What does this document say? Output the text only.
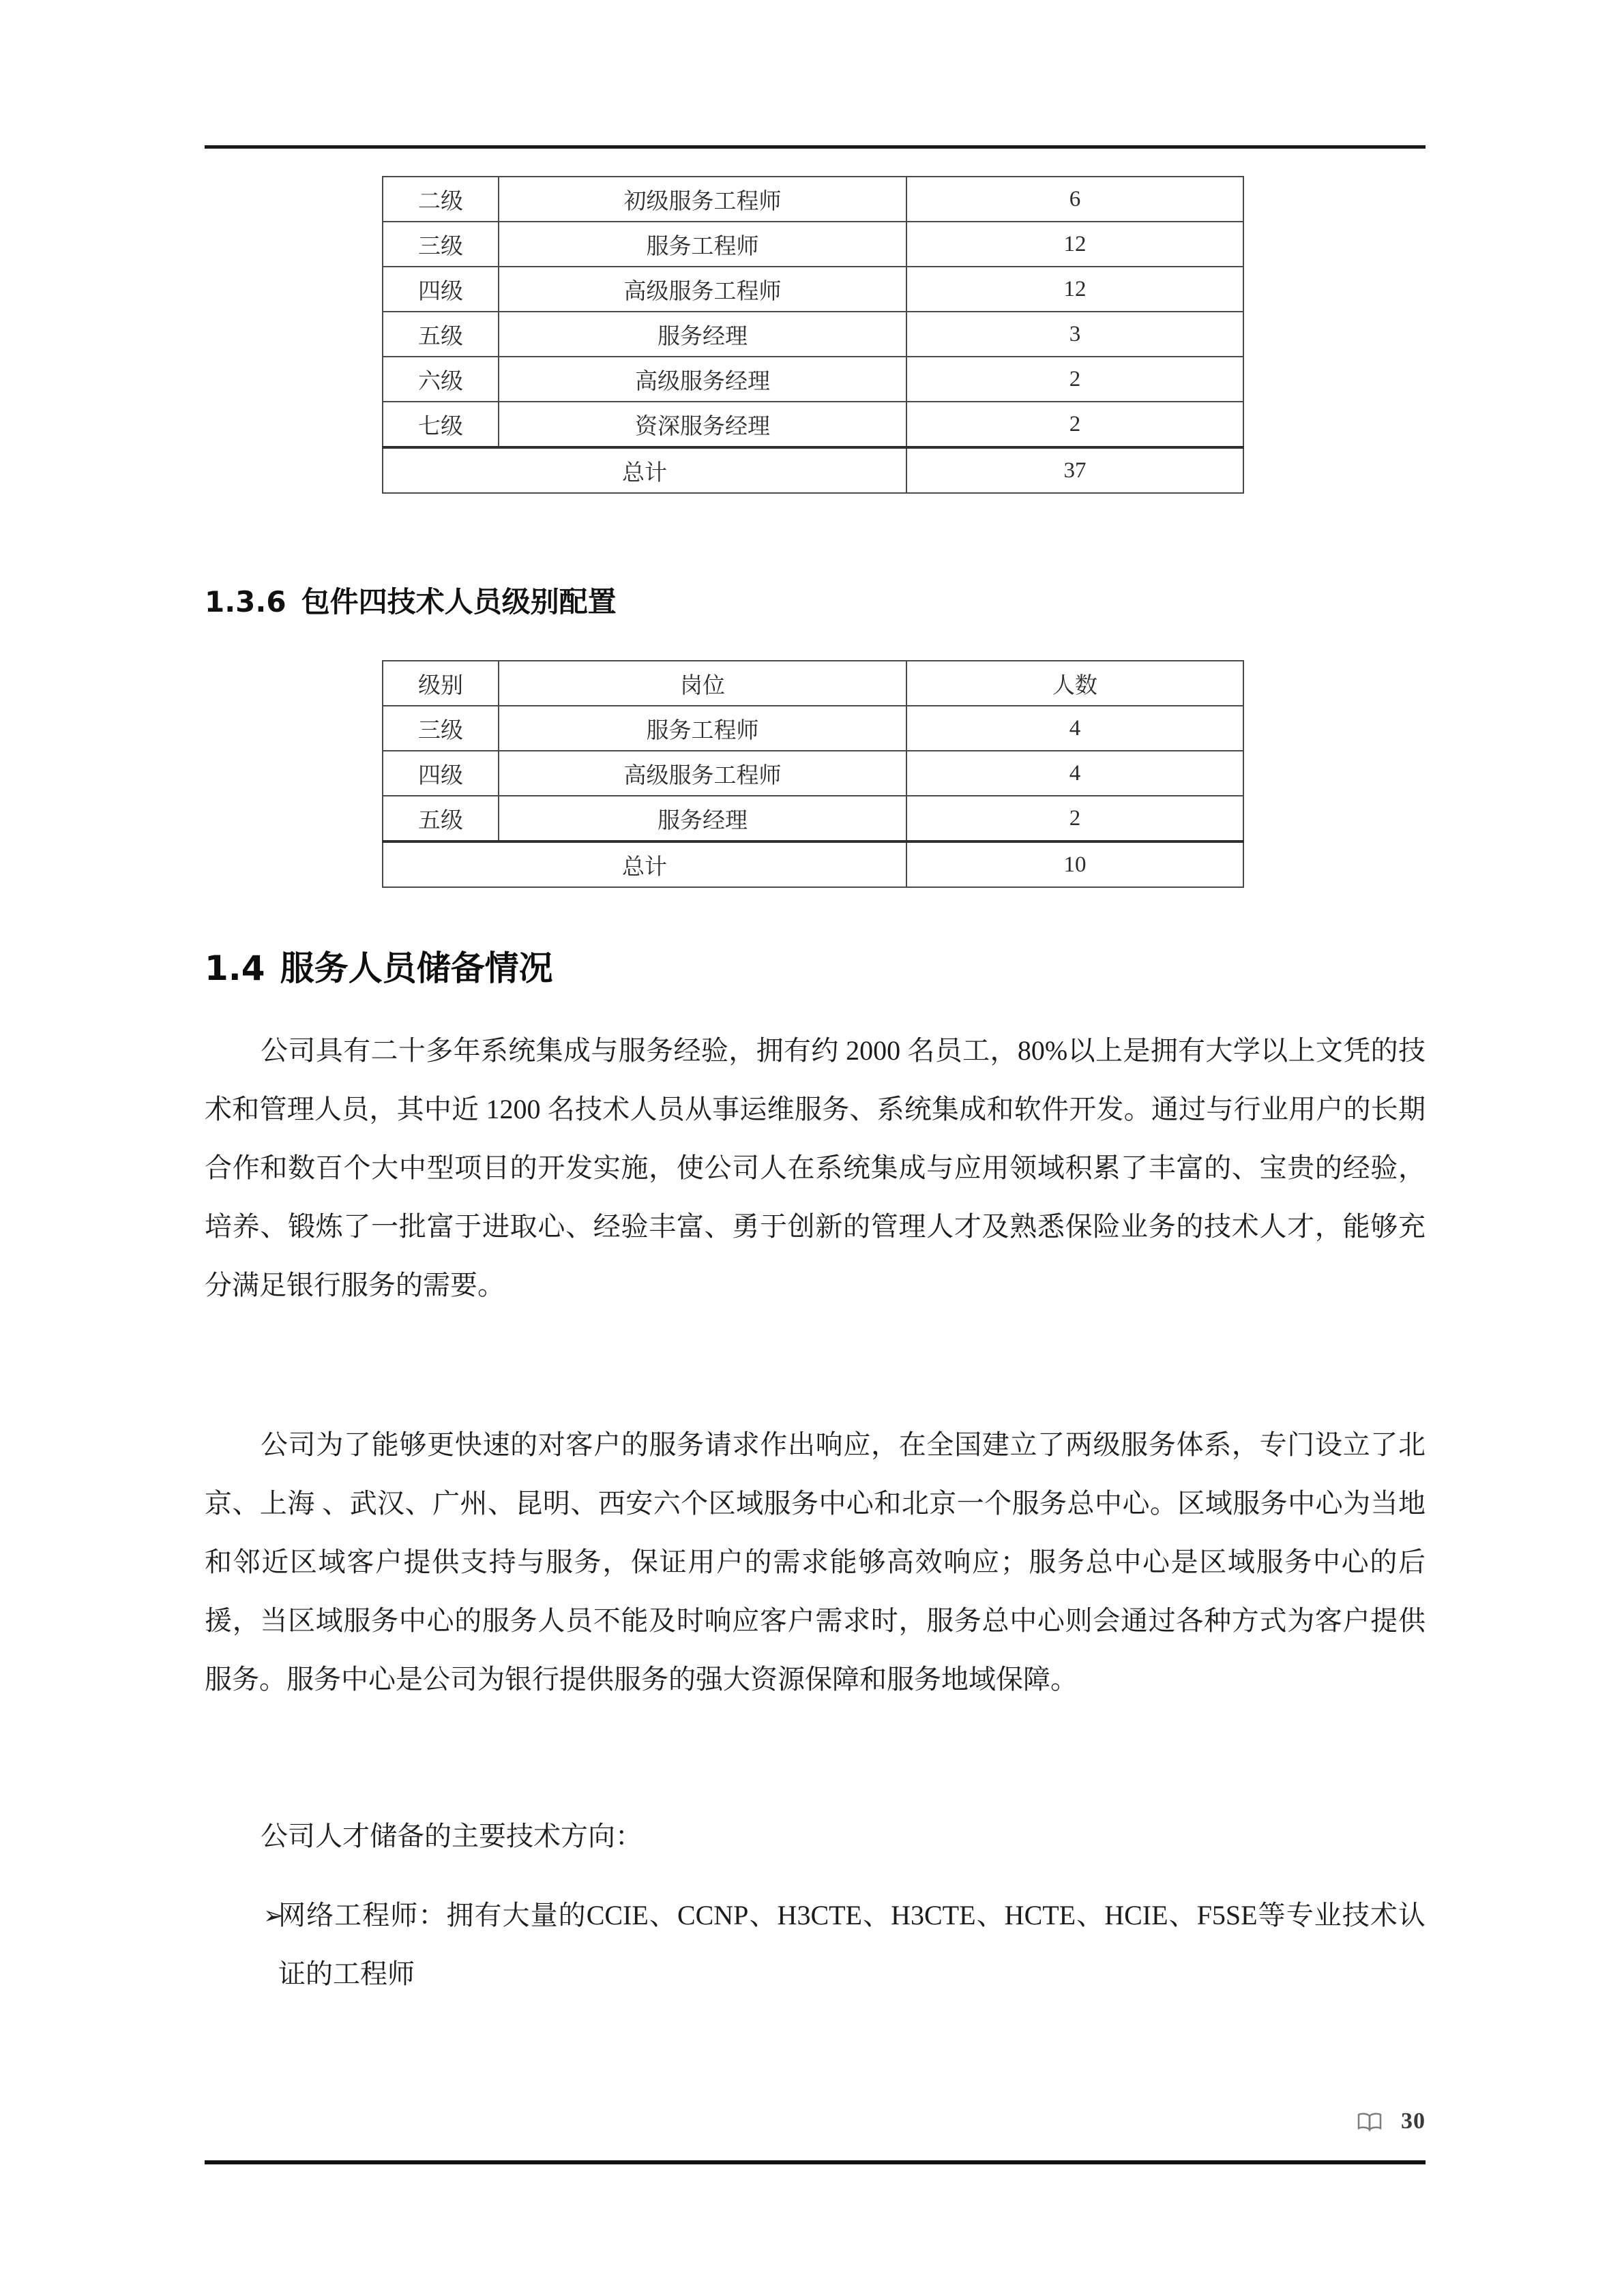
二级	初级服务工程师	6
三级	服务工程师	12
四级	高级服务工程师	12
五级	服务经理	3
六级	高级服务经理	2
七级	资深服务经理	2
总计		37
1.3.6 包件四技术人员级别配置
级别	岗位	人数
三级	服务工程师	4
四级	高级服务工程师	4
五级	服务经理	2
总计		10
1.4 服务人员储备情况

公司具有二十多年系统集成与服务经验，拥有约 2000 名员工，80%以上是拥有大学以上文凭的技术和管理人员，其中近 1200 名技术人员从事运维服务、系统集成和软件开发。通过与行业用户的长期合作和数百个大中型项目的开发实施，使公司人在系统集成与应用领域积累了丰富的、宝贵的经验，培养、锻炼了一批富于进取心、经验丰富、勇于创新的管理人才及熟悉保险业务的技术人才，能够充分满足银行服务的需要。

公司为了能够更快速的对客户的服务请求作出响应，在全国建立了两级服务体系，专门设立了北京、上海 、武汉、广州、昆明、西安六个区域服务中心和北京一个服务总中心。区域服务中心为当地和邻近区域客户提供支持与服务，保证用户的需求能够高效响应；服务总中心是区域服务中心的后援，当区域服务中心的服务人员不能及时响应客户需求时，服务总中心则会通过各种方式为客户提供服务。服务中心是公司为银行提供服务的强大资源保障和服务地域保障。

公司人才储备的主要技术方向：

➢
网络工程师：拥有大量的CCIE、CCNP、H3CTE、H3CTE、HCTE、HCIE、F5SE等专业技术认证的工程师
30
